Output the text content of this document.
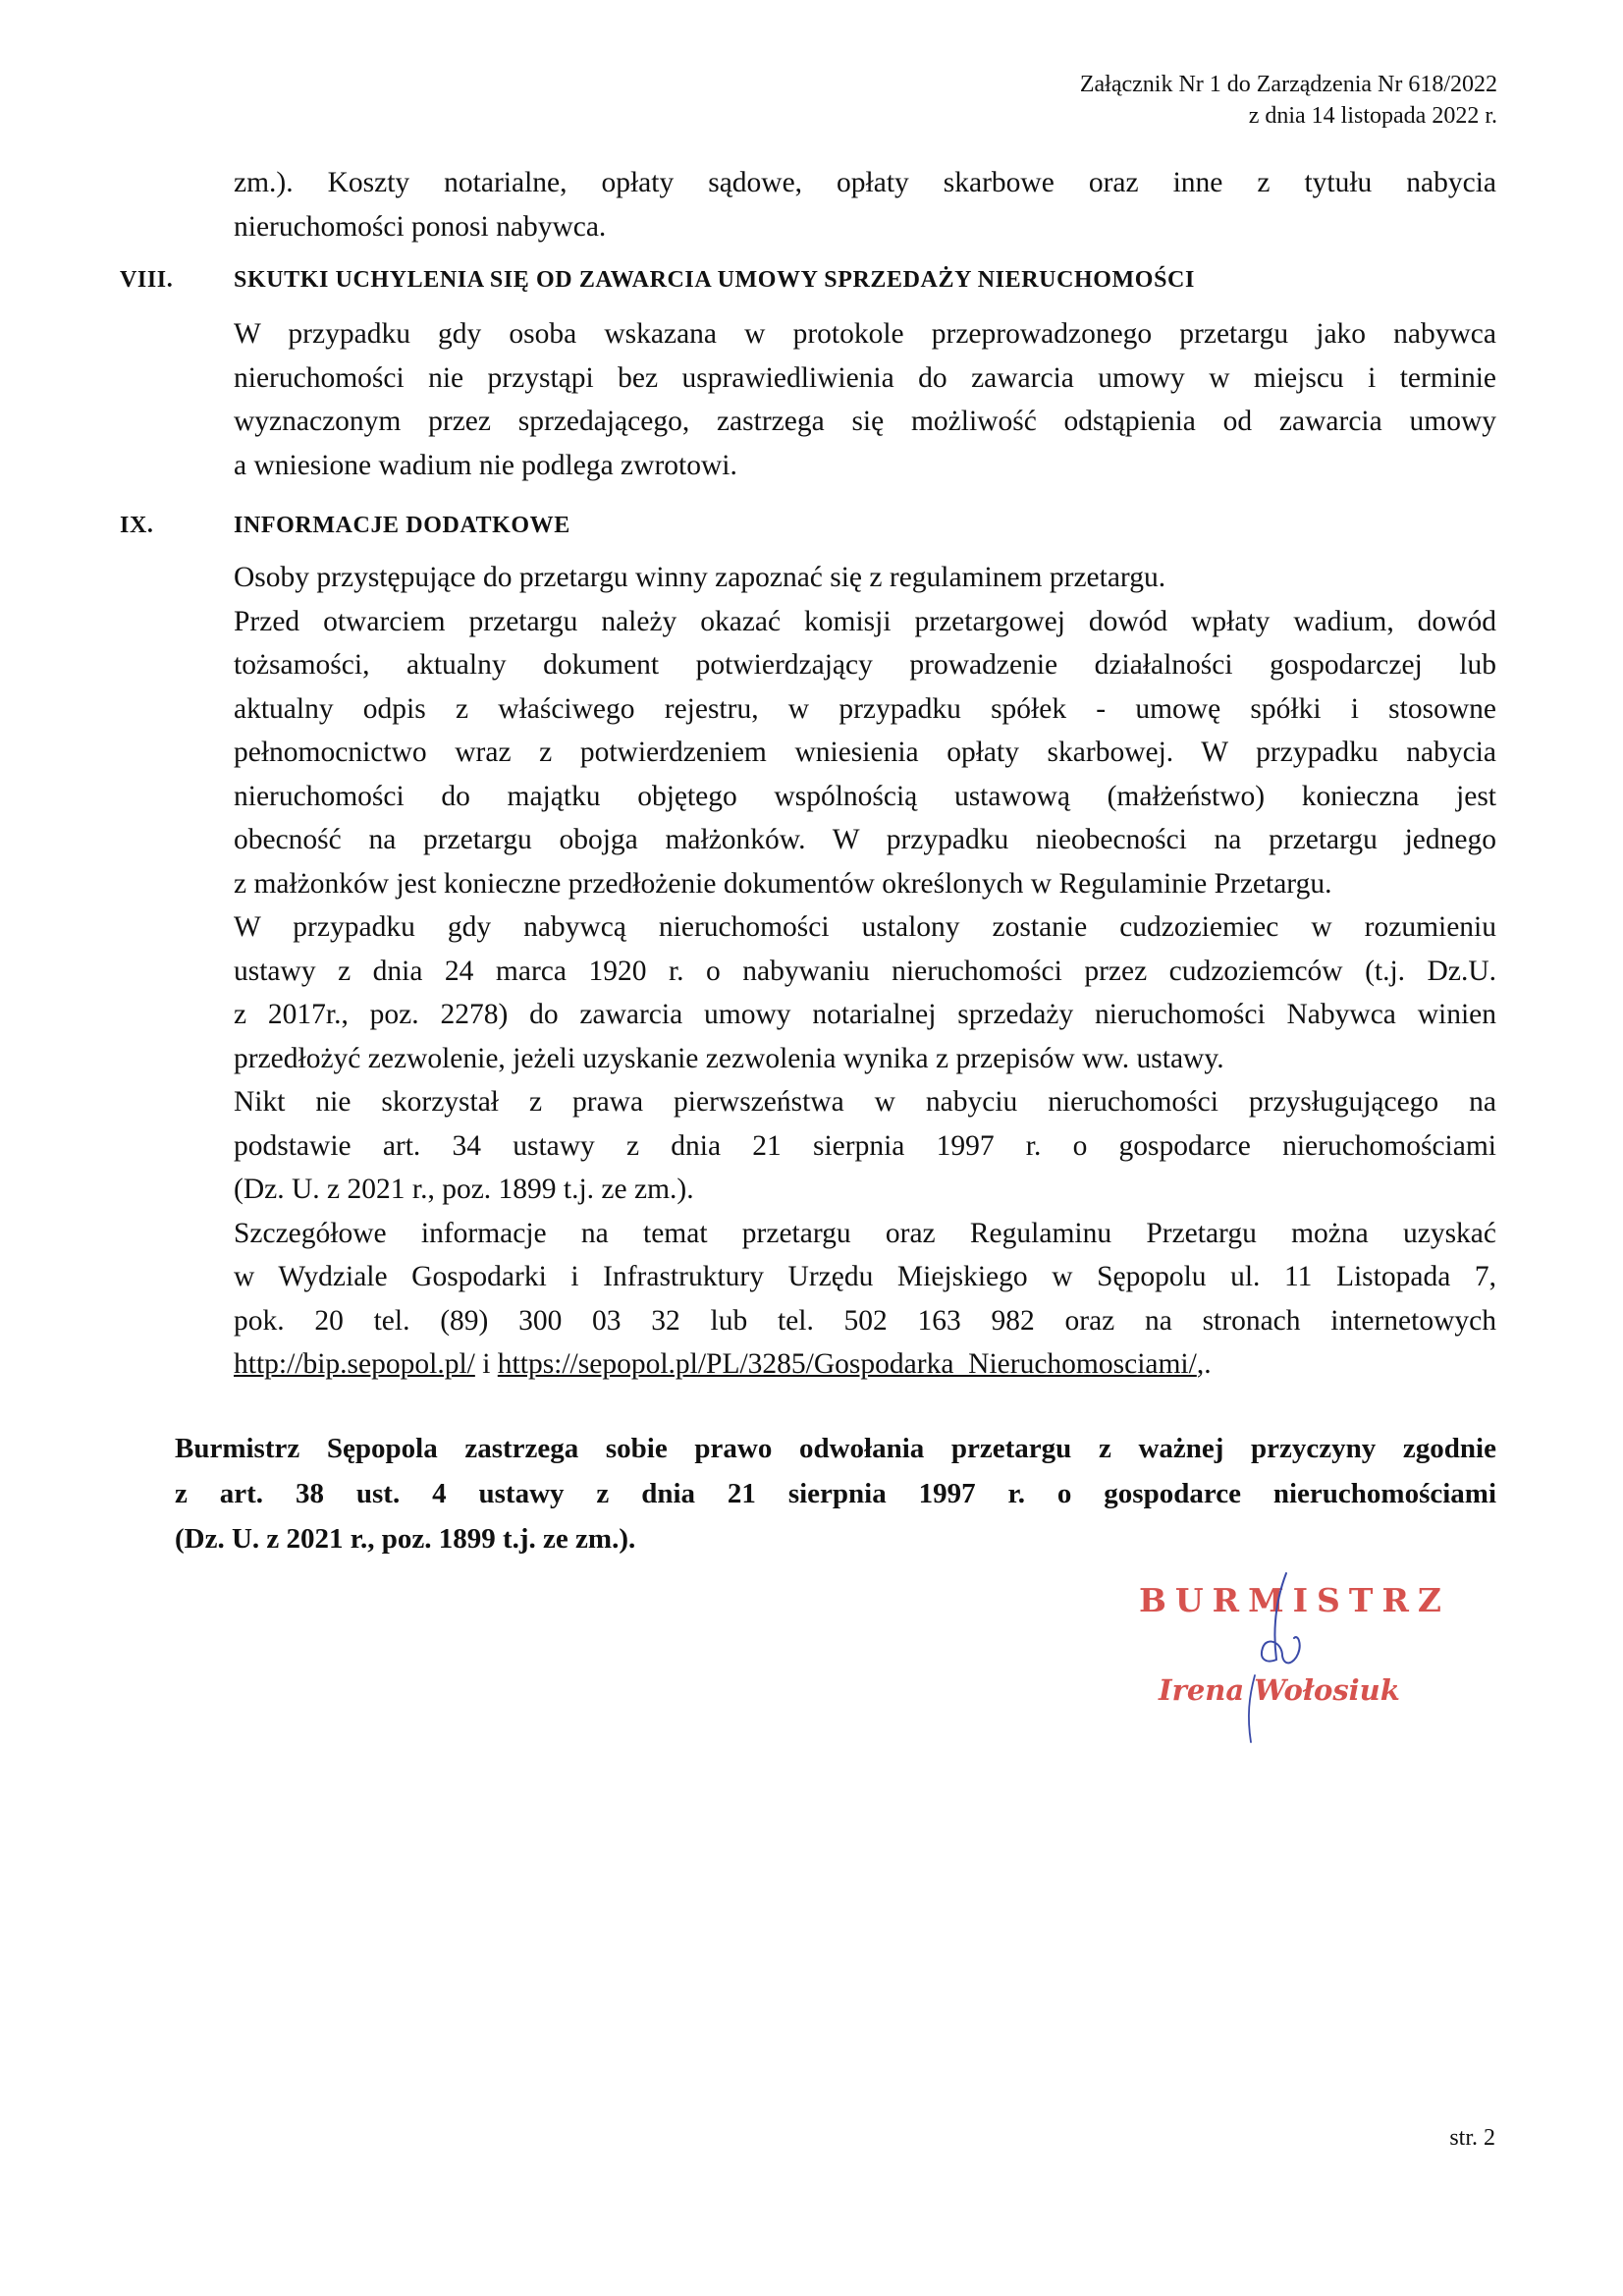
Załącznik Nr 1 do Zarządzenia Nr 618/2022
z dnia 14 listopada 2022 r.
zm.). Koszty notarialne, opłaty sądowe, opłaty skarbowe oraz inne z tytułu nabycia
nieruchomości ponosi nabywca.
VIII.	SKUTKI UCHYLENIA SIĘ OD ZAWARCIA UMOWY SPRZEDAŻY NIERUCHOMOŚCI
W przypadku gdy osoba wskazana w protokole przeprowadzonego przetargu jako nabywca
nieruchomości nie przystąpi bez usprawiedliwienia do zawarcia umowy w miejscu i terminie
wyznaczonym przez sprzedającego, zastrzega się możliwość odstąpienia od zawarcia umowy
a wniesione wadium nie podlega zwrotowi.
IX.	INFORMACJE DODATKOWE
Osoby przystępujące do przetargu winny zapoznać się z regulaminem przetargu.
Przed otwarciem przetargu należy okazać komisji przetargowej dowód wpłaty wadium, dowód
tożsamości, aktualny dokument potwierdzający prowadzenie działalności gospodarczej lub
aktualny odpis z właściwego rejestru, w przypadku spółek - umowę spółki i stosowne
pełnomocnictwo wraz z potwierdzeniem wniesienia opłaty skarbowej. W przypadku nabycia
nieruchomości do majątku objętego wspólnością ustawową (małżeństwo) konieczna jest
obecność na przetargu obojga małżonków. W przypadku nieobecności na przetargu jednego
z małżonków jest konieczne przedłożenie dokumentów określonych w Regulaminie Przetargu.
W przypadku gdy nabywcą nieruchomości ustalony zostanie cudzoziemiec w rozumieniu
ustawy z dnia 24 marca 1920 r. o nabywaniu nieruchomości przez cudzoziemców (t.j. Dz.U.
z 2017r., poz. 2278) do zawarcia umowy notarialnej sprzedaży nieruchomości Nabywca winien
przedłożyć zezwolenie, jeżeli uzyskanie zezwolenia wynika z przepisów ww. ustawy.
Nikt nie skorzystał z prawa pierwszeństwa w nabyciu nieruchomości przysługującego na
podstawie art. 34 ustawy z dnia 21 sierpnia 1997 r. o gospodarce nieruchomościami
(Dz. U. z 2021 r., poz. 1899 t.j. ze zm.).
Szczegółowe informacje na temat przetargu oraz Regulaminu Przetargu można uzyskać
w Wydziale Gospodarki i Infrastruktury Urzędu Miejskiego w Sępopolu ul. 11 Listopada 7,
pok. 20 tel. (89) 300 03 32 lub tel. 502 163 982 oraz na stronach internetowych
http://bip.sepopol.pl/ i https://sepopol.pl/PL/3285/Gospodarka_Nieruchomosciami/,.
Burmistrz Sępopola zastrzega sobie prawo odwołania przetargu z ważnej przyczyny zgodnie
z art. 38 ust. 4 ustawy z dnia 21 sierpnia 1997 r. o gospodarce nieruchomościami
(Dz. U. z 2021 r., poz. 1899 t.j. ze zm.).
BURMISTRZ
Irena Wołosiuk
str. 2
